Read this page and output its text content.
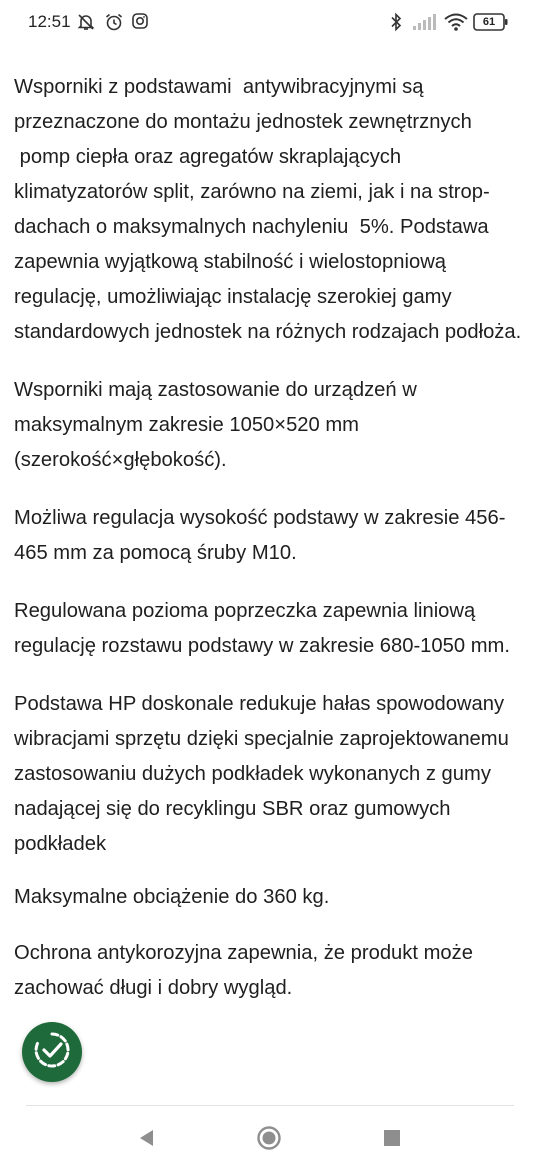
12:51	61

Wsporniki z podstawami  antywibracyjnymi są przeznaczone do montażu jednostek zewnętrznych
pomp ciepła oraz agregatów skraplających klimatyzatorów split, zarówno na ziemi, jak i na strop-dachach o maksymalnych nachyleniu  5%. Podstawa zapewnia wyjątkową stabilność i wielostopniową regulację, umożliwiając instalację szerokiej gamy standardowych jednostek na różnych rodzajach podłoża.

Wsporniki mają zastosowanie do urządzeń w maksymalnym zakresie 1050×520 mm (szerokość×głębokość).

Możliwa regulacja wysokość podstawy w zakresie 456-465 mm za pomocą śruby M10.

Regulowana pozioma poprzeczka zapewnia liniową regulację rozstawu podstawy w zakresie 680-1050 mm.

Podstawa HP doskonale redukuje hałas spowodowany wibracjami sprzętu dzięki specjalnie zaprojektowanemu zastosowaniu dużych podkładek wykonanych z gumy nadającej się do recyklingu SBR oraz gumowych podkładek

Maksymalne obciążenie do 360 kg.

Ochrona antykorozyjna zapewnia, że produkt może zachować długi i dobry wygląd.
